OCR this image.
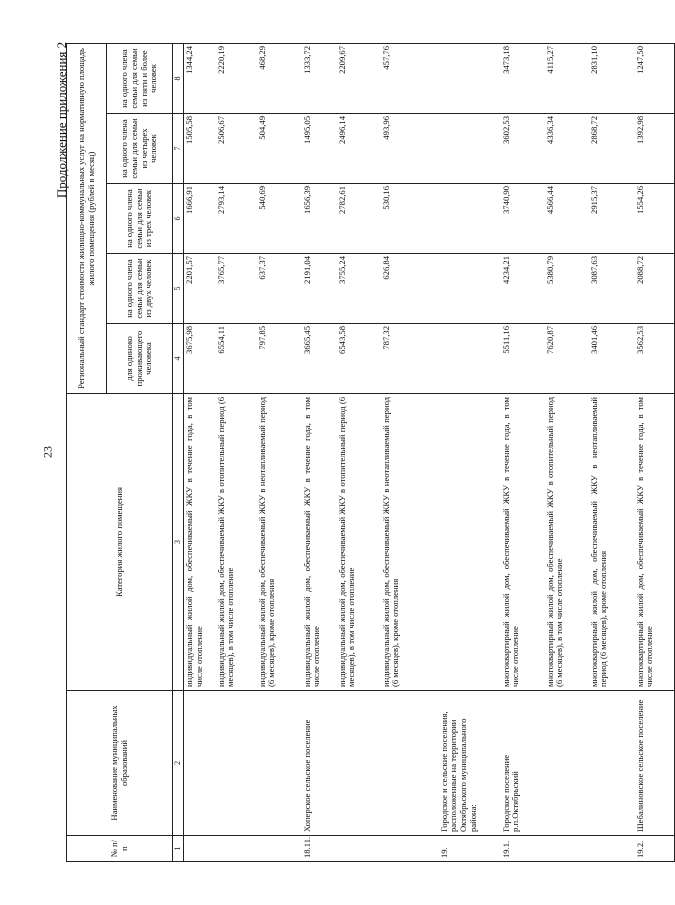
23
Продолжение приложения 2
№ п/п	Наименование муниципальных образований	Категория жилого помещения	Региональный стандарт стоимости жилищно-коммунальных услуг на нормативную площадь жилого помещения (рублей в месяц)				
			для одиноко проживающего человека	на одного члена семьи для семьи из двух человек	на одного члена семьи для семьи из трех человек	на одного члена семьи для семьи из четырех человек	на одного члена семьи для семьи из пяти и более человек
1	2	3	4	5	6	7	8
		индивидуальный жилой дом, обеспечиваемый ЖКУ в течение года, в том числе отопление	3675,98	2201,57	1666,91	1505,58	1344,24
		индивидуальный жилой дом, обеспечиваемый ЖКУ в отопительный период (6 месяцев), в том числе отопление	6554,11	3765,77	2793,14	2506,67	2220,19
		индивидуальный жилой дом, обеспечиваемый ЖКУ в неотапливаемый период (6 месяцев), кроме отопления	797,85	637,37	540,69	504,49	468,29
18.11.	Хоперское сельское поселение	индивидуальный жилой дом, обеспечиваемый ЖКУ в течение года, в том числе отопление	3665,45	2191,04	1656,39	1495,05	1333,72
		индивидуальный жилой дом, обеспечиваемый ЖКУ в отопительный период (6 месяцев), в том числе отопление	6543,58	3755,24	2782,61	2496,14	2209,67
		индивидуальный жилой дом, обеспечиваемый ЖКУ в неотапливаемый период (6 месяцев), кроме отопления	787,32	626,84	530,16	493,96	457,76
19.	Городское и сельские поселения, расположенные на территории Октябрьского муниципального района:						
19.1.	Городское поселение р.п.Октябрьский	многоквартирный жилой дом, обеспечиваемый ЖКУ в течение года, в том числе отопление	5511,16	4234,21	3740,90	3602,53	3473,18
		многоквартирный жилой дом, обеспечиваемый ЖКУ в отопительный период (6 месяцев), в том числе отопление	7620,87	5380,79	4566,44	4336,34	4115,27
		многоквартирный жилой дом, обеспечиваемый ЖКУ в неотапливаемый период (6 месяцев), кроме отопления	3401,46	3087,63	2915,37	2868,72	2831,10
19.2.	Шебалиновское сельское поселение	многоквартирный жилой дом, обеспечиваемый ЖКУ в течение года, в том числе отопление	3562,53	2088,72	1554,26	1392,98	1247,50
